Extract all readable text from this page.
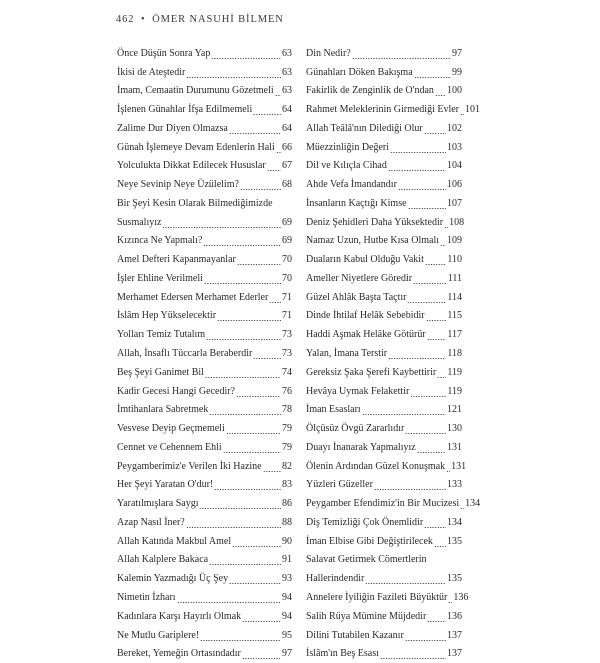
462 • ÖMER NASUHİ BİLMEN
Önce Düşün Sonra Yap	63
İkisi de Ateştedir	63
İmam, Cemaatin Durumunu Gözetmeli 63
İşlenen Günahlar İfşa Edilmemeli	64
Zalime Dur Diyen Olmazsa	64
Günah İşlemeye Devam Edenlerin Hali 66
Yolculukta Dikkat Edilecek Hususlar 67
Neye Sevinip Neye Üzülelim?	68
Bir Şeyi Kesin Olarak Bilmediğimizde
Susmalıyız	69
Kızınca Ne Yapmalı?	69
Amel Defteri Kapanmayanlar	70
İşler Ehline Verilmeli	70
Merhamet Edersen Merhamet Ederler 71
İslâm Hep Yükselecektir	71
Yolları Temiz Tutalım	73
Allah, İnsaflı Tüccarla Beraberdir	73
Beş Şeyi Ganimet Bil	74
Kadir Gecesi Hangi Gecedir?	76
İmtihanlara Sabretmek	78
Vesvese Deyip Geçmemeli	79
Cennet ve Cehennem Ehli	79
Peygamberimiz'e Verilen İki Hazine 82
Her Şeyi Yaratan O'dur!	83
Yaratılmışlara Saygı	86
Azap Nasıl İner?	88
Allah Katında Makbul Amel	90
Allah Kalplere Bakaca	91
Kalemin Yazmadığı Üç Şey	93
Nimetin İzharı	94
Kadınlara Karşı Hayırlı Olmak	94
Ne Mutlu Gariplere!	95
Bereket, Yemeğin Ortasındadır	97
Din Nedir?	97
Günahları Döken Bakışma	99
Fakirlik de Zenginlik de O'ndan 100
Rahmet Meleklerinin Girmediği Evler 101
Allah Teâlâ'nın Dilediği Olur 102
Müezzinliğin Değeri	103
Dil ve Kılıçla Cihad	104
Ahde Vefa İmandandır	106
İnsanların Kaçtığı Kimse	107
Deniz Şehidleri Daha Yüksektedir 108
Namaz Uzun, Hutbe Kısa Olmalı 109
Duaların Kabul Olduğu Vakit 110
Ameller Niyetlere Göredir	111
Güzel Ahlâk Başta Taçtır	114
Dinde İhtilaf Helâk Sebebidir 115
Haddi Aşmak Helâke Götürür 117
Yalan, İmana Terstir	118
Gereksiz Şaka Şerefi Kaybettirir 119
Hevâya Uymak Felakettir	119
İman Esasları	121
Ölçüsüz Övgü Zararlıdır	130
Duayı İnanarak Yapmalıyız	131
Ölenin Ardından Güzel Konuşmak 131
Yüzleri Güzeller	133
Peygamber Efendimiz'in Bir Mucizesi 134
Diş Temizliği Çok Önemlidir 134
İman Elbise Gibi Değiştirilecek 135
Salavat Getirmek Cömertlerin
Hallerindendir	135
Annelere İyiliğin Fazileti Büyüktür 136
Salih Rüya Mümine Müjdedir 136
Dilini Tutabilen Kazanır	137
İslâm'ın Beş Esası	137
